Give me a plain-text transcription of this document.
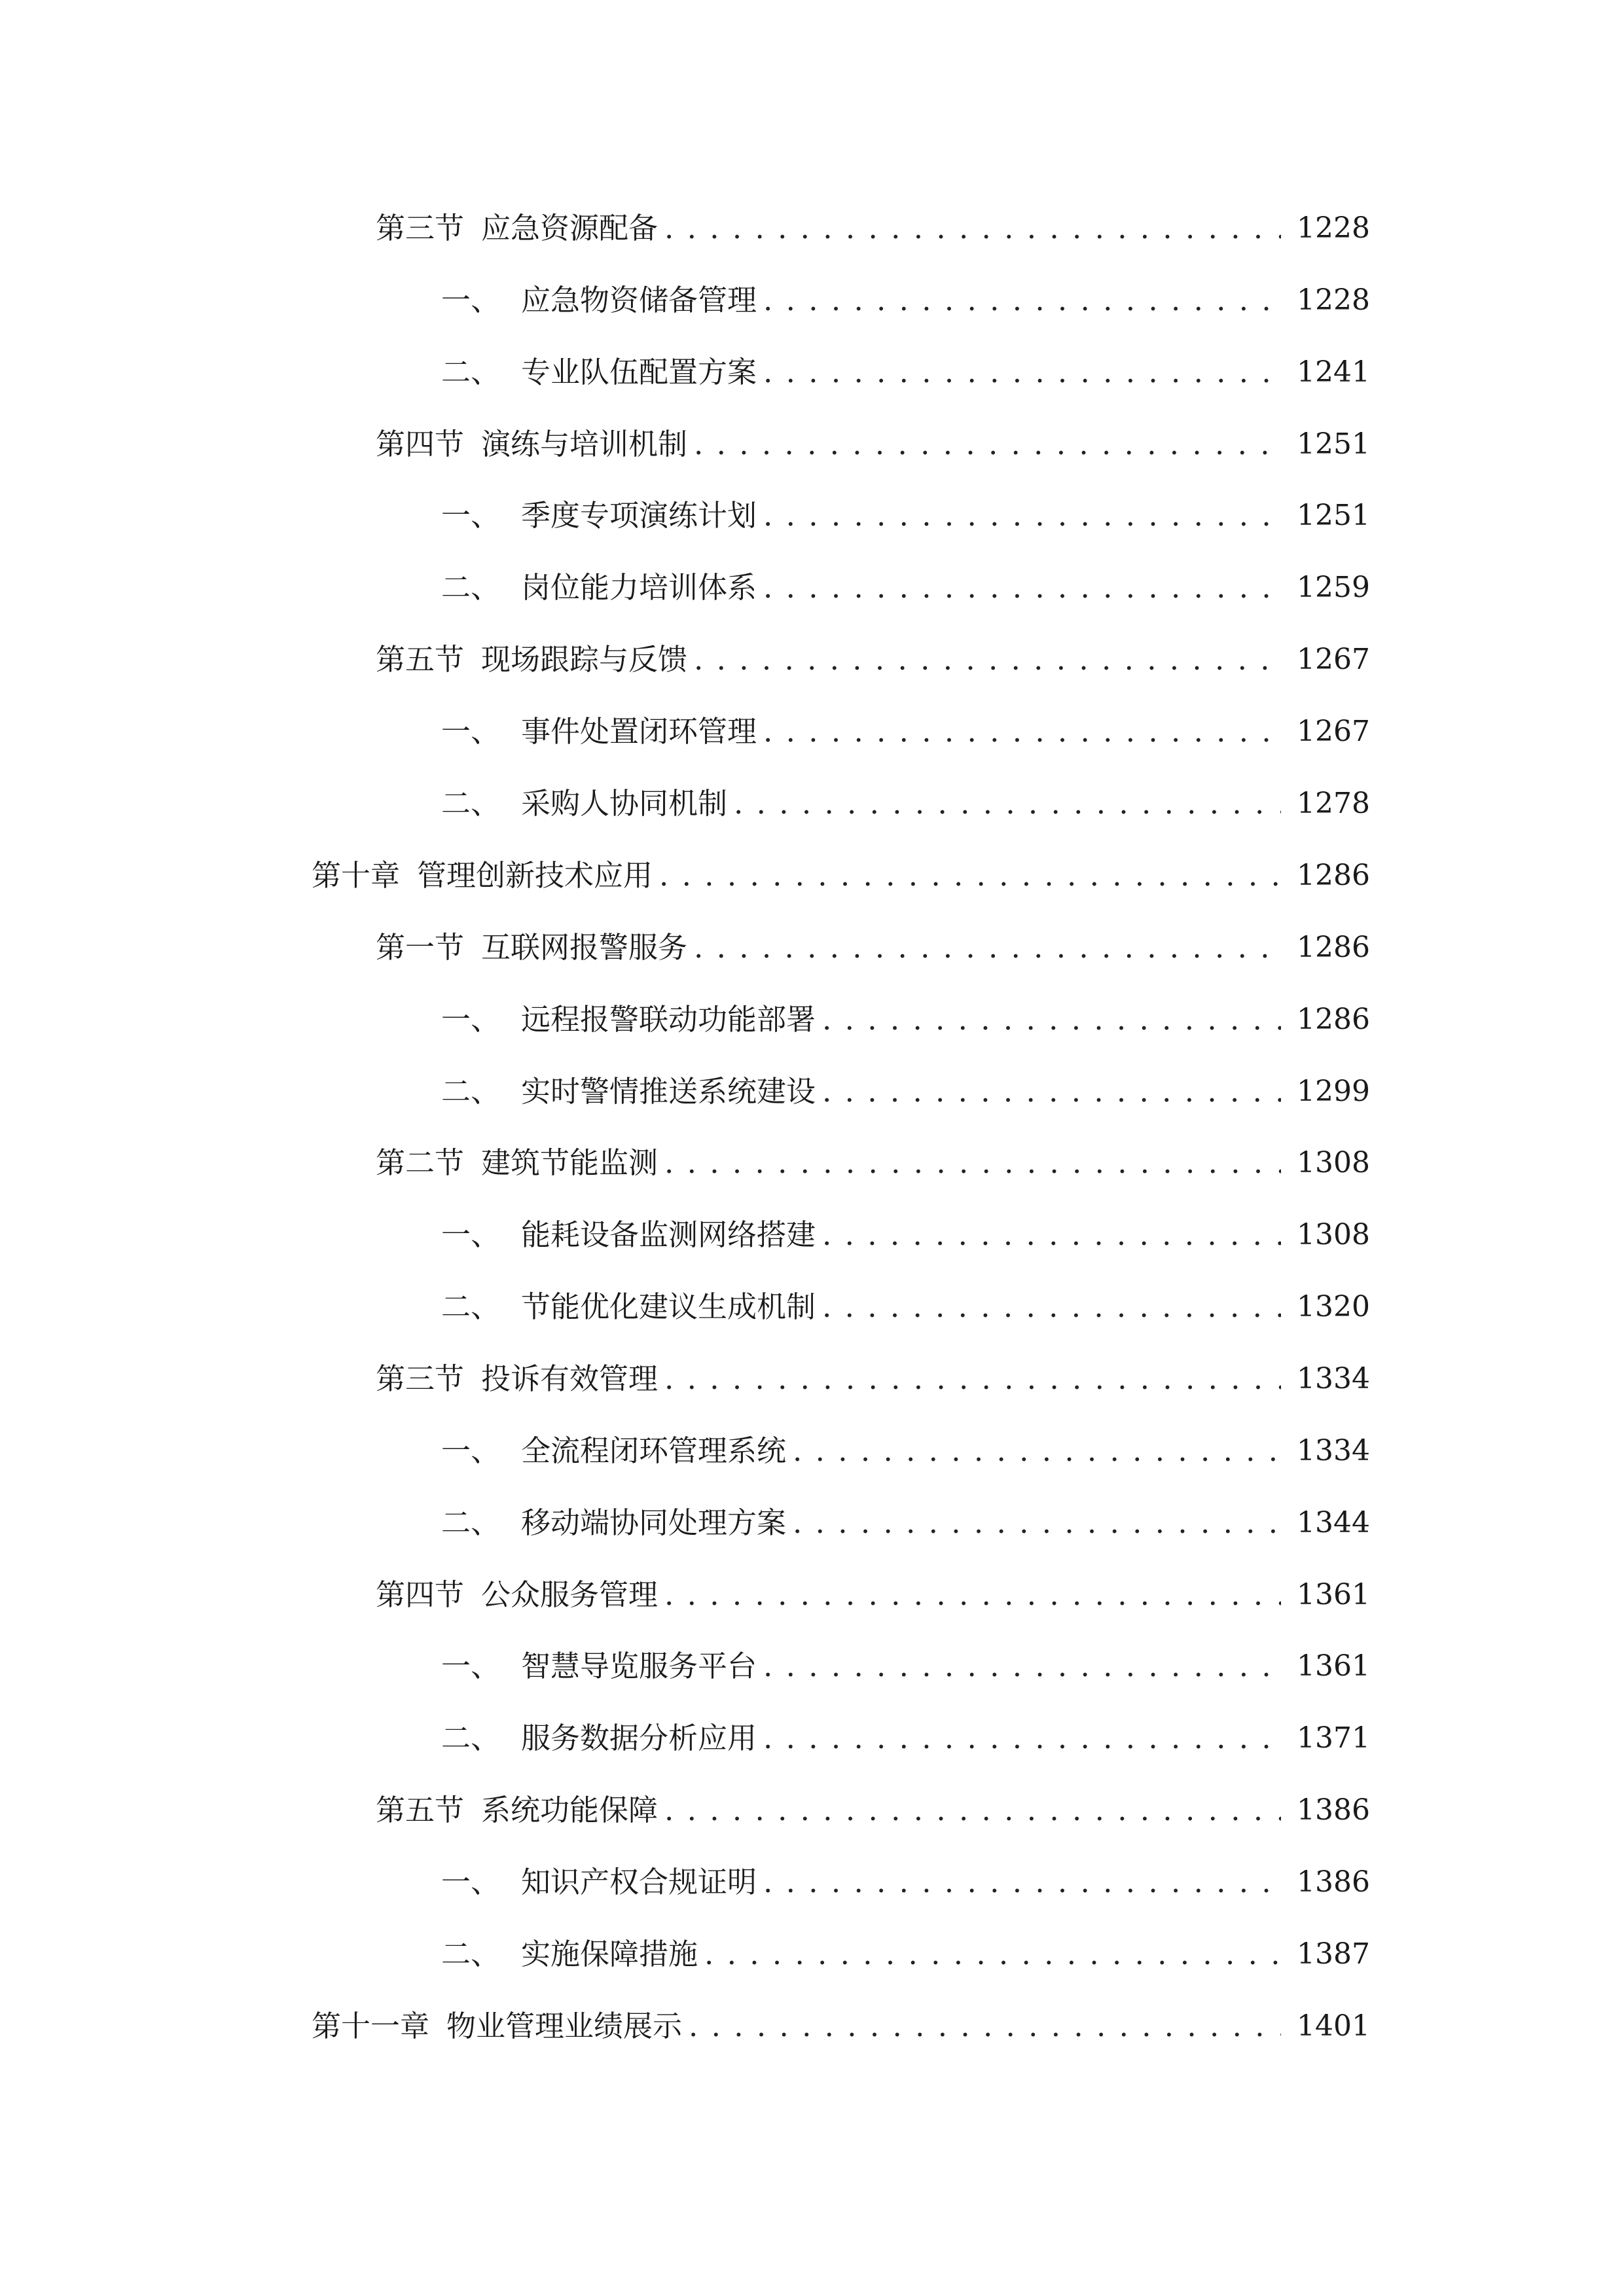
第三节 应急资源配备 . . .	1228
一、 应急物资储备管理 . . .	1228
二、 专业队伍配置方案 . . .	1241
第四节 演练与培训机制 . . .	1251
一、 季度专项演练计划 . . .	1251
二、 岗位能力培训体系 . . .	1259
第五节 现场跟踪与反馈 . . .	1267
一、 事件处置闭环管理 . . .	1267
二、 采购人协同机制 . . .	1278
第十章 管理创新技术应用 . . .	1286
第一节 互联网报警服务 . . .	1286
一、 远程报警联动功能部署 . . .	1286
二、 实时警情推送系统建设 . . .	1299
第二节 建筑节能监测 . . .	1308
一、 能耗设备监测网络搭建 . . .	1308
二、 节能优化建议生成机制 . . .	1320
第三节 投诉有效管理 . . .	1334
一、 全流程闭环管理系统 . . .	1334
二、 移动端协同处理方案 . . .	1344
第四节 公众服务管理 . . .	1361
一、 智慧导览服务平台 . . .	1361
二、 服务数据分析应用 . . .	1371
第五节 系统功能保障 . . .	1386
一、 知识产权合规证明 . . .	1386
二、 实施保障措施 . . .	1387
第十一章 物业管理业绩展示 . . .	1401
